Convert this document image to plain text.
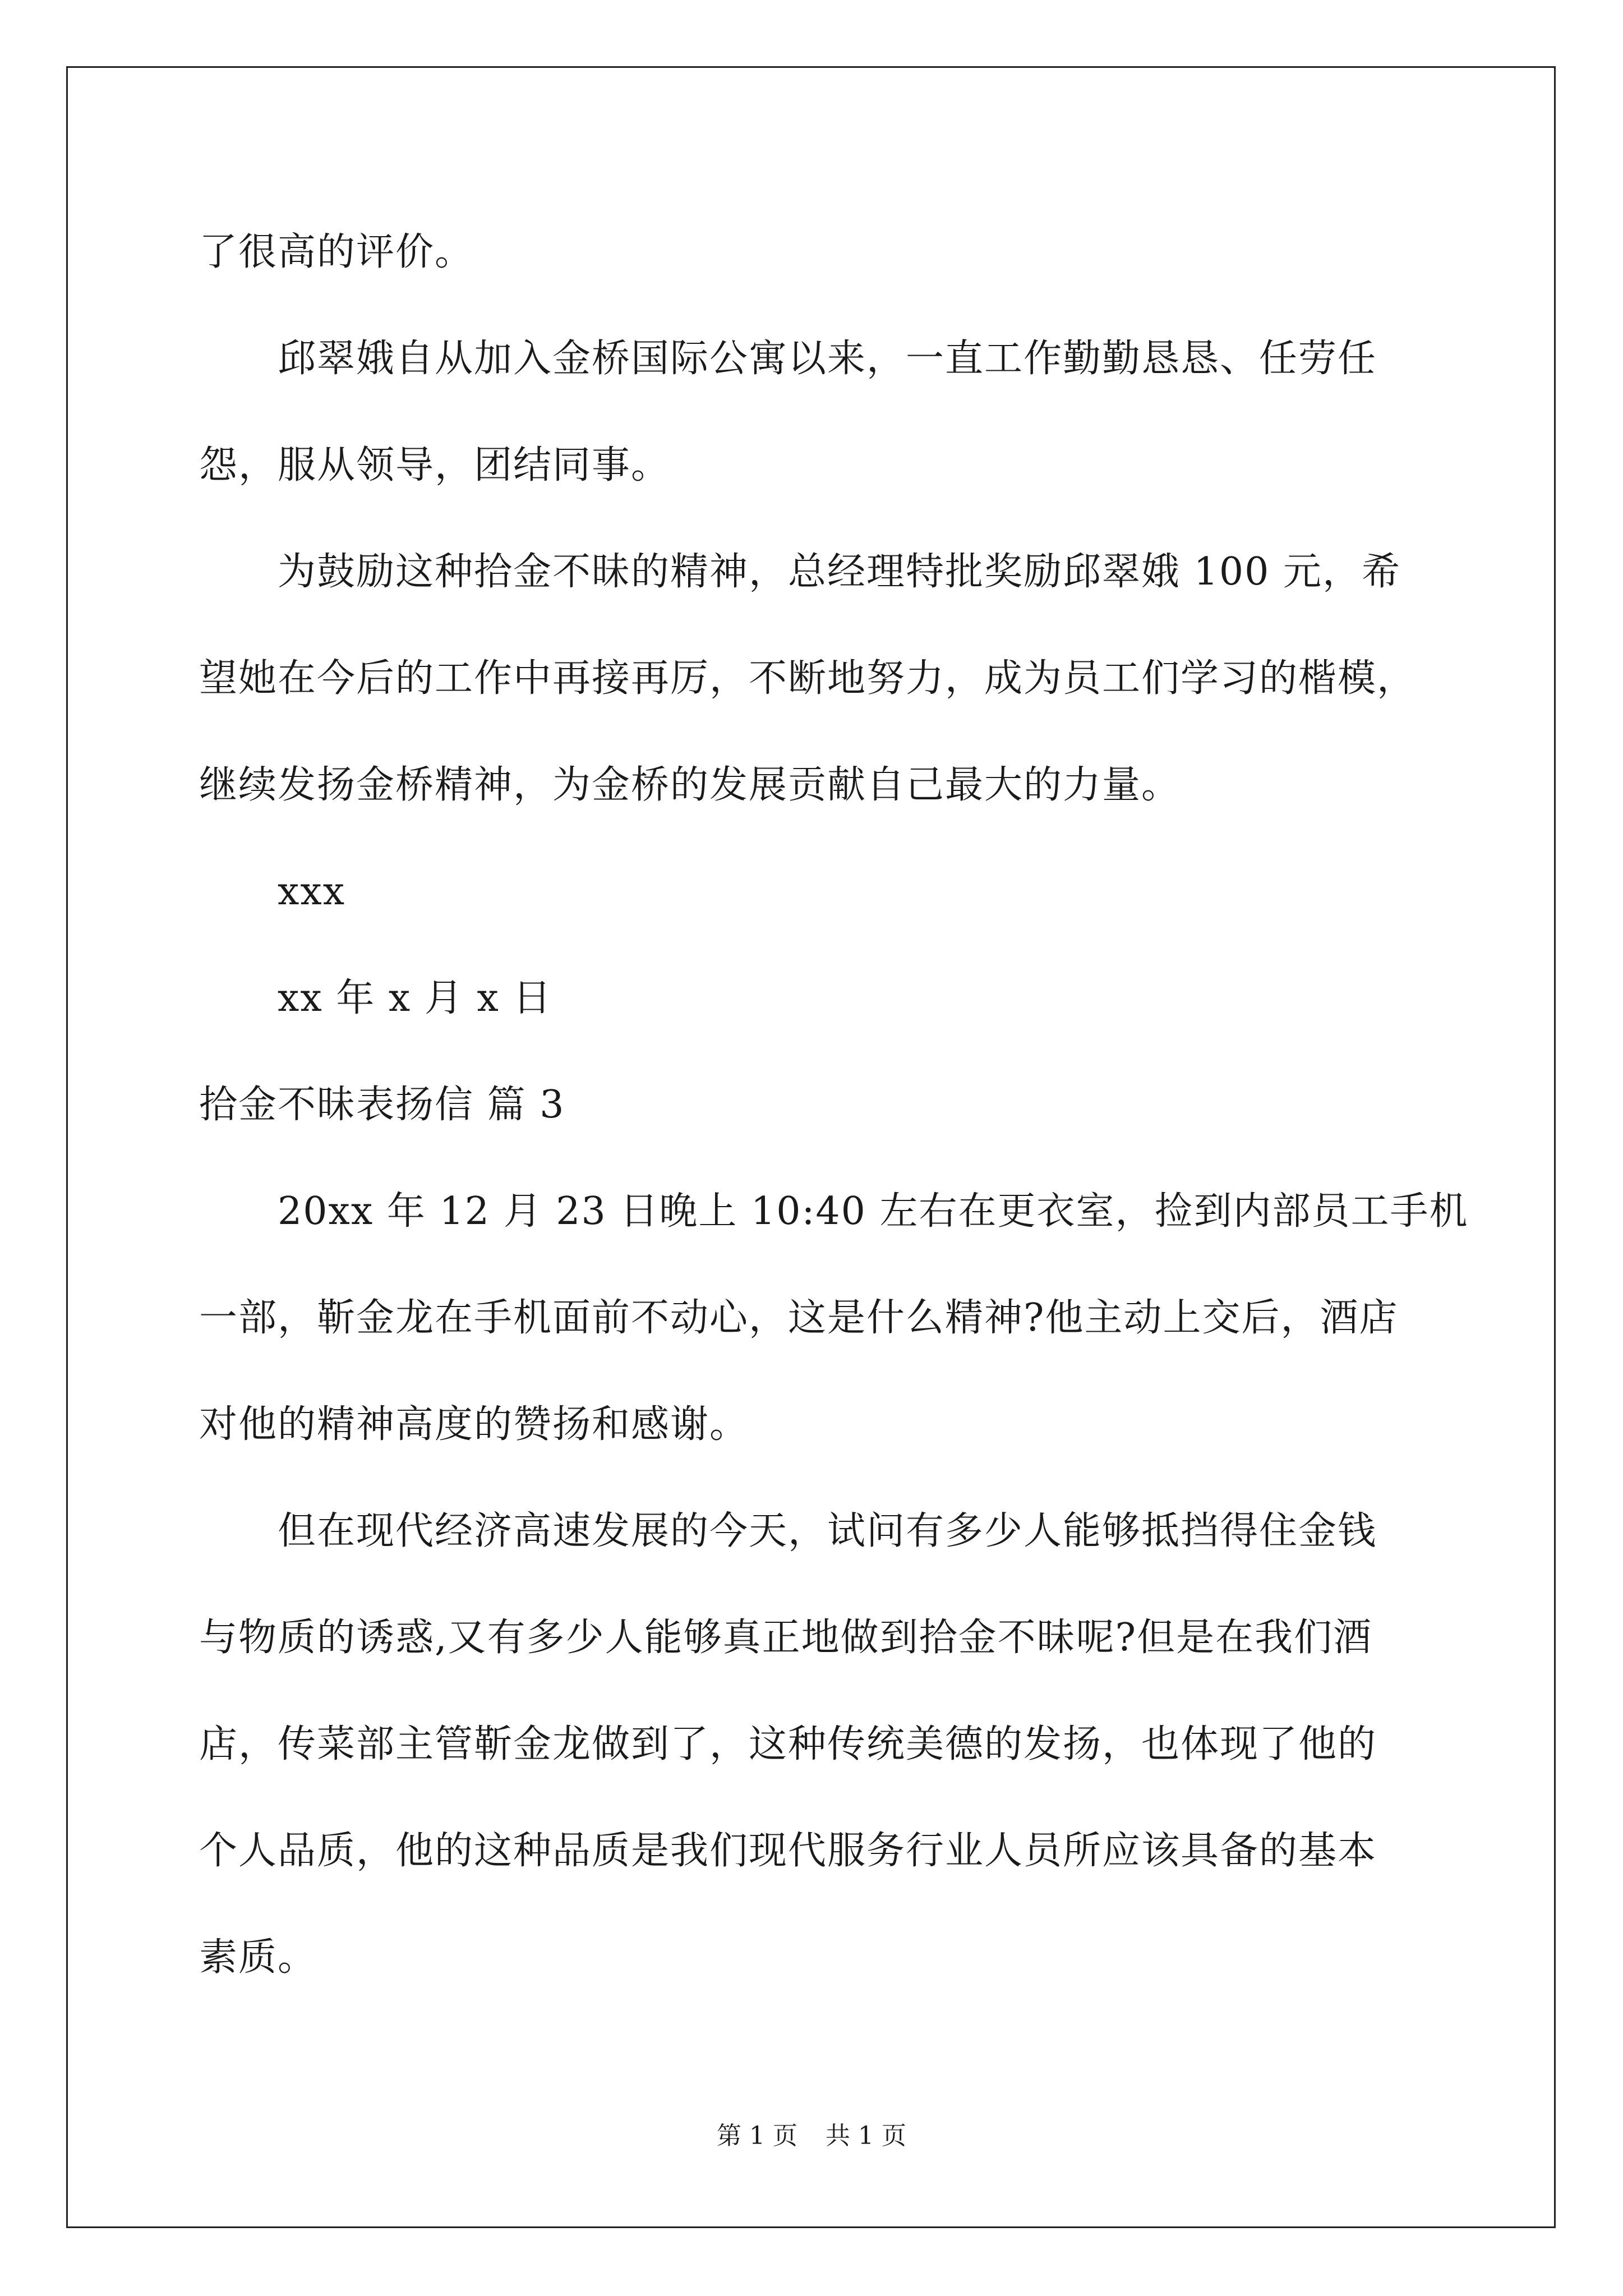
了很高的评价。
　　邱翠娥自从加入金桥国际公寓以来，一直工作勤勤恳恳、任劳任
怨，服从领导，团结同事。
　　为鼓励这种拾金不昧的精神，总经理特批奖励邱翠娥 100 元，希
望她在今后的工作中再接再厉，不断地努力，成为员工们学习的楷模，
继续发扬金桥精神，为金桥的发展贡献自己最大的力量。
　　xxx
　　xx 年 x 月 x 日
拾金不昧表扬信 篇 3
　　20xx 年 12 月 23 日晚上 10:40 左右在更衣室，捡到内部员工手机
一部，靳金龙在手机面前不动心，这是什么精神?他主动上交后，酒店
对他的精神高度的赞扬和感谢。
　　但在现代经济高速发展的今天，试问有多少人能够抵挡得住金钱
与物质的诱惑,又有多少人能够真正地做到拾金不昧呢?但是在我们酒
店，传菜部主管靳金龙做到了，这种传统美德的发扬，也体现了他的
个人品质，他的这种品质是我们现代服务行业人员所应该具备的基本
素质。
第 1 页 共 1 页
